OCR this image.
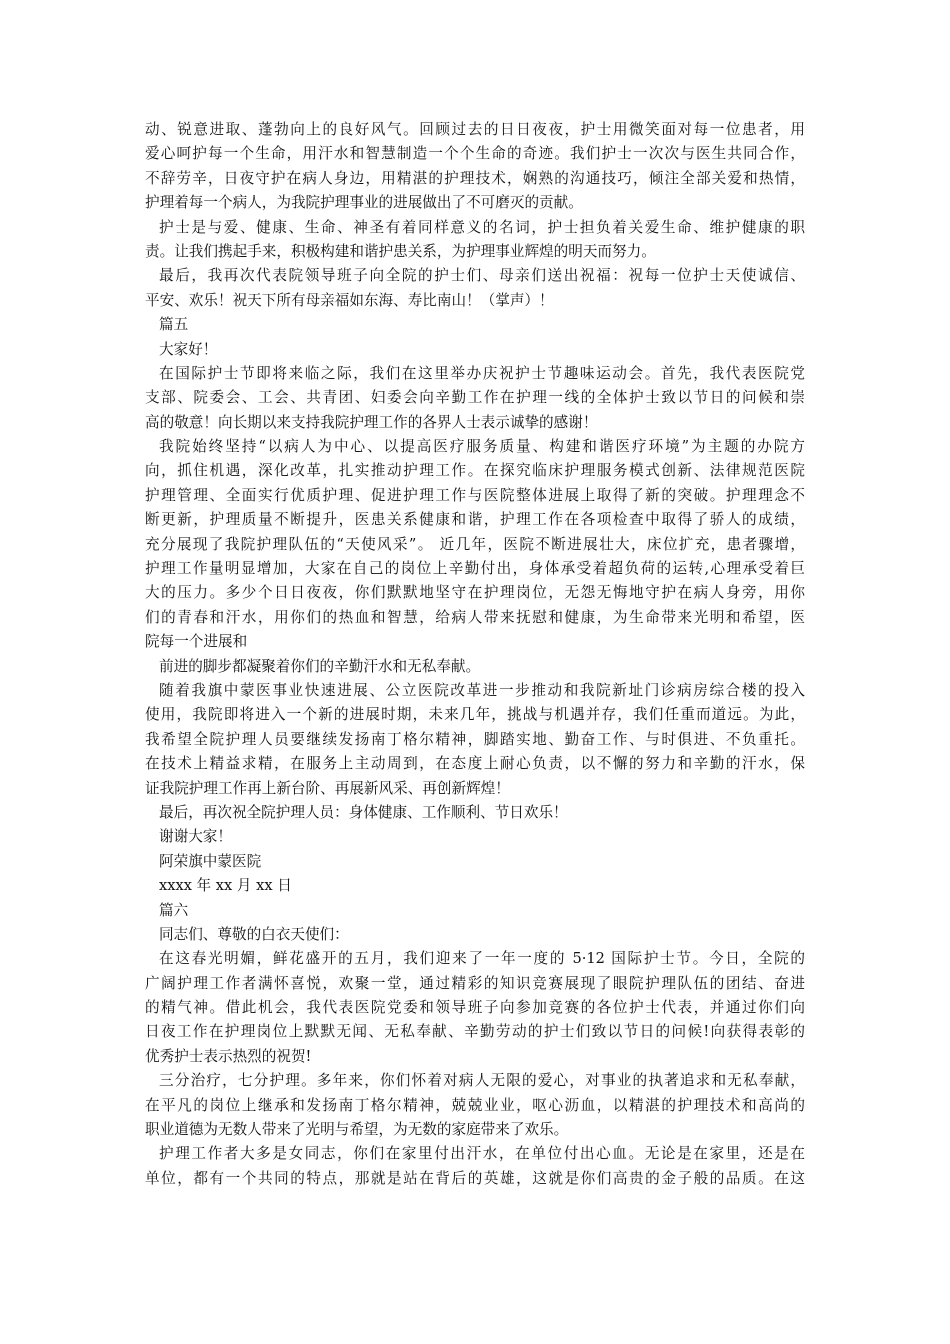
动、锐意进取、蓬勃向上的良好风气。回顾过去的日日夜夜，护士用微笑面对每一位患者，用
爱心呵护每一个生命，用汗水和智慧制造一个个生命的奇迹。我们护士一次次与医生共同合作，
不辞劳辛，日夜守护在病人身边，用精湛的护理技术，娴熟的沟通技巧，倾注全部关爱和热情，
护理着每一个病人，为我院护理事业的进展做出了不可磨灭的贡献。
护士是与爱、健康、生命、神圣有着同样意义的名词，护士担负着关爱生命、维护健康的职
责。让我们携起手来，积极构建和谐护患关系，为护理事业辉煌的明天而努力。
最后，我再次代表院领导班子向全院的护士们、母亲们送出祝福：祝每一位护士天使诚信、
平安、欢乐！祝天下所有母亲福如东海、寿比南山！（掌声）！
篇五
大家好！
在国际护士节即将来临之际，我们在这里举办庆祝护士节趣味运动会。首先，我代表医院党
支部、院委会、工会、共青团、妇委会向辛勤工作在护理一线的全体护士致以节日的问候和崇
高的敬意！向长期以来支持我院护理工作的各界人士表示诚挚的感谢！
我院始终坚持“以病人为中心、以提高医疗服务质量、构建和谐医疗环境”为主题的办院方
向，抓住机遇，深化改革，扎实推动护理工作。在探究临床护理服务模式创新、法律规范医院
护理管理、全面实行优质护理、促进护理工作与医院整体进展上取得了新的突破。护理理念不
断更新，护理质量不断提升，医患关系健康和谐，护理工作在各项检查中取得了骄人的成绩，
充分展现了我院护理队伍的“天使风采”。 近几年，医院不断进展壮大，床位扩充，患者骤增，
护理工作量明显增加，大家在自己的岗位上辛勤付出，身体承受着超负荷的运转,心理承受着巨
大的压力。多少个日日夜夜，你们默默地坚守在护理岗位，无怨无悔地守护在病人身旁，用你
们的青春和汗水，用你们的热血和智慧，给病人带来抚慰和健康，为生命带来光明和希望，医
院每一个进展和
前进的脚步都凝聚着你们的辛勤汗水和无私奉献。
随着我旗中蒙医事业快速进展、公立医院改革进一步推动和我院新址门诊病房综合楼的投入
使用，我院即将进入一个新的进展时期，未来几年，挑战与机遇并存，我们任重而道远。为此，
我希望全院护理人员要继续发扬南丁格尔精神，脚踏实地、勤奋工作、与时俱进、不负重托。
在技术上精益求精，在服务上主动周到，在态度上耐心负责，以不懈的努力和辛勤的汗水，保
证我院护理工作再上新台阶、再展新风采、再创新辉煌！
最后，再次祝全院护理人员：身体健康、工作顺利、节日欢乐！
谢谢大家！
阿荣旗中蒙医院
xxxx 年 xx 月 xx 日
篇六
同志们、尊敬的白衣天使们：
在这春光明媚，鲜花盛开的五月，我们迎来了一年一度的 5·12 国际护士节。今日，全院的
广阔护理工作者满怀喜悦，欢聚一堂，通过精彩的知识竞赛展现了眼院护理队伍的团结、奋进
的精气神。借此机会，我代表医院党委和领导班子向参加竞赛的各位护士代表，并通过你们向
日夜工作在护理岗位上默默无闻、无私奉献、辛勤劳动的护士们致以节日的问候!向获得表彰的
优秀护士表示热烈的祝贺!
三分治疗，七分护理。多年来，你们怀着对病人无限的爱心，对事业的执著追求和无私奉献，
在平凡的岗位上继承和发扬南丁格尔精神，兢兢业业，呕心沥血，以精湛的护理技术和高尚的
职业道德为无数人带来了光明与希望，为无数的家庭带来了欢乐。
护理工作者大多是女同志，你们在家里付出汗水，在单位付出心血。无论是在家里，还是在
单位，都有一个共同的特点，那就是站在背后的英雄，这就是你们高贵的金子般的品质。在这
